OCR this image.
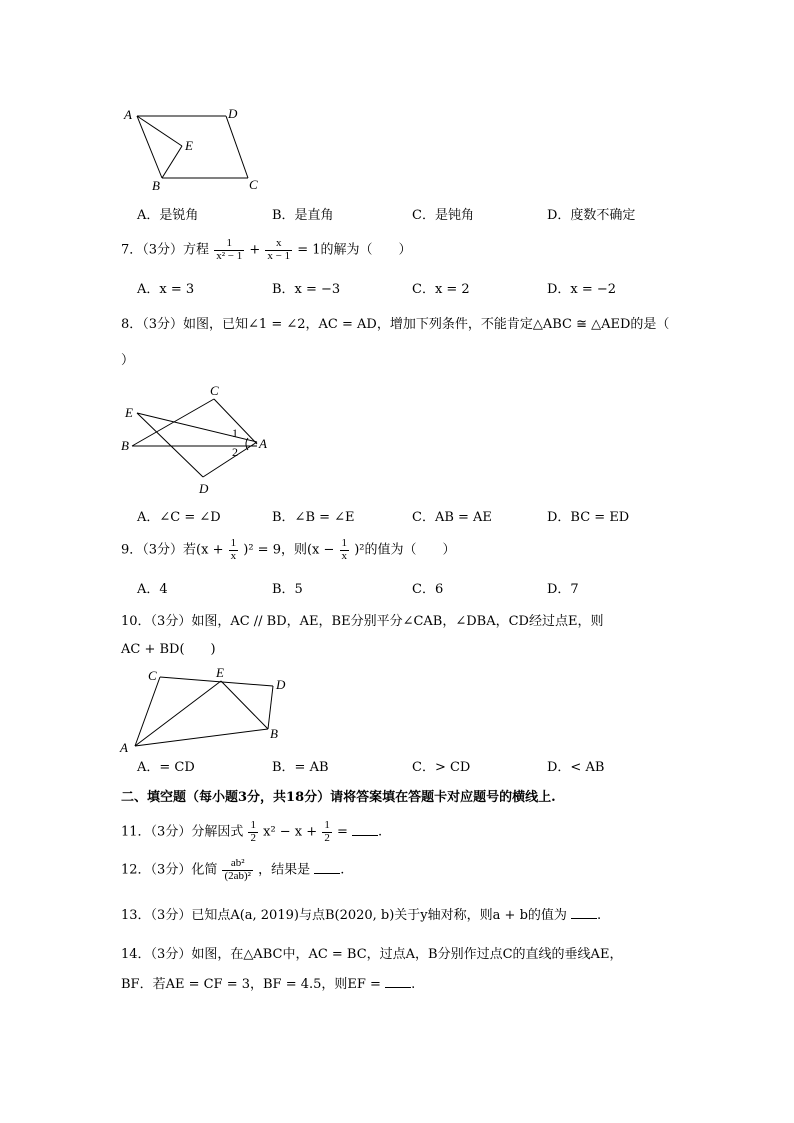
A	D
E
B	C
A．是锐角	B．是直角	C．是钝角	D．度数不确定
7．（3分）方程 $\frac{1}{\text{x² − 1}} + \frac{x}{x - 1} = 1$的解为（　　）
A．x = 3	B．x = −3	C．x = 2	D．x = −2
8．（3分）如图，已知∠1 = ∠2，AC = AD，增加下列条件，不能肯定△ABC ≅ △AED的是（
）
C
E
B	A
D
1
2
A．∠C = ∠D	B．∠B = ∠E	C．AB = AE	D．BC = ED
9．（3分）若$(x + \frac{1}{x} )^2 = 9$，则$(x - \frac{1}{x} )^2$的值为（　　）
A．4	B．5	C．6	D．7
10．（3分）如图，AC // BD，AE，BE分别平分∠CAB，∠DBA，CD经过点E，则
AC + BD(　　)
C	E
D
A
B
A．= CD	B．= AB	C．> CD	D．< AB
二、填空题（每小题3分，共18分）请将答案填在答题卡对应题号的横线上.
11．（3分）分解因式 $\frac{1}{2} x^2 - x + \frac{1}{2}$ = .
12．（3分）化简 $\frac{\text{ab²}}{\text{(2ab)²}}$ ，结果是 .
13．（3分）已知点A(a, 2019)与点B(2020, b)关于y轴对称，则a + b的值为 .
14．（3分）如图，在△ABC中，AC = BC，过点A，B分别作过点C的直线的垂线AE，
BF．若AE = CF = 3，BF = 4.5，则EF = .
